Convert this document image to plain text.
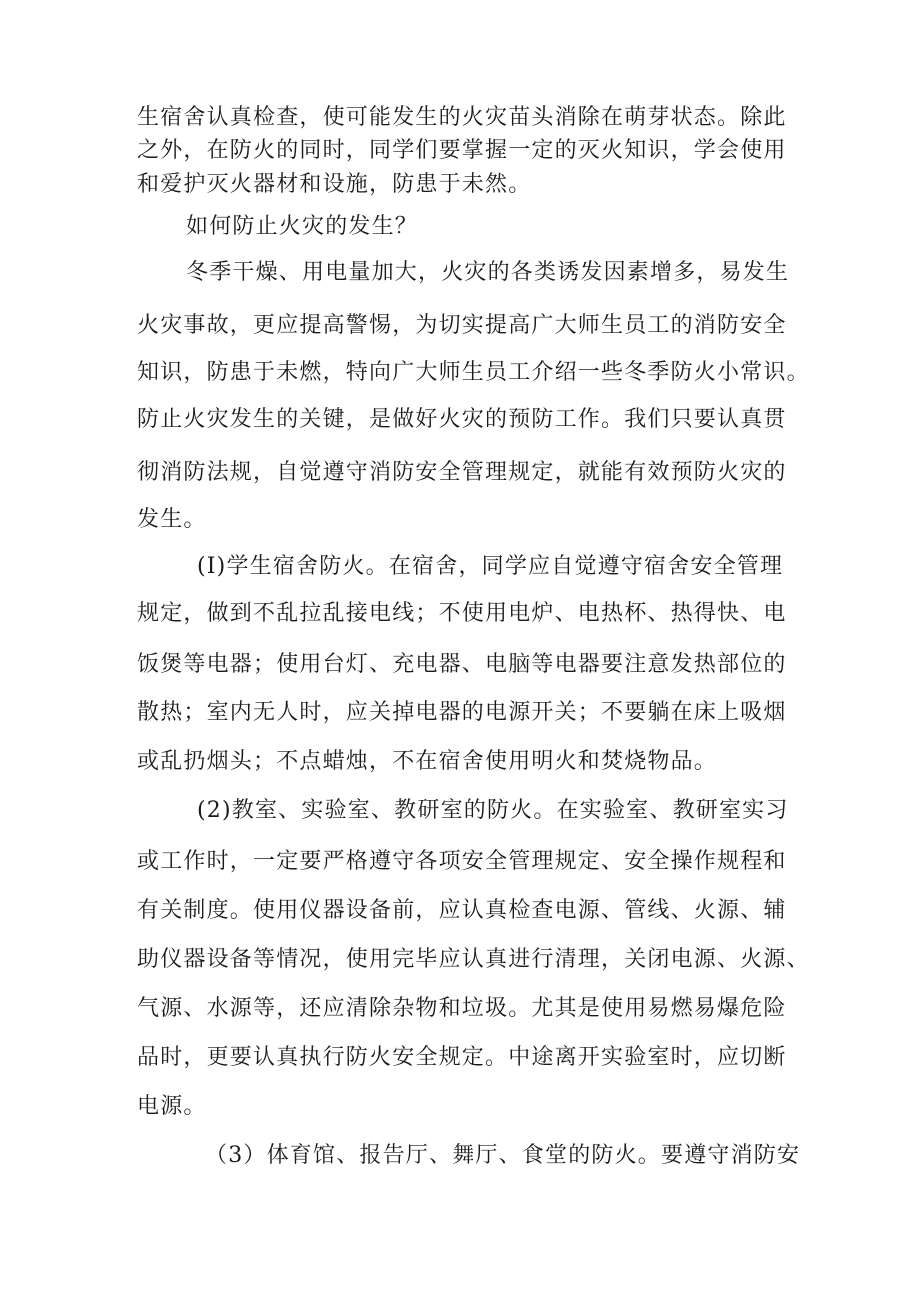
生宿舍认真检查，使可能发生的火灾苗头消除在萌芽状态。除此
之外，在防火的同时，同学们要掌握一定的灭火知识，学会使用
和爱护灭火器材和设施，防患于未然。
如何防止火灾的发生？
冬季干燥、用电量加大，火灾的各类诱发因素增多，易发生
火灾事故，更应提高警惕，为切实提高广大师生员工的消防安全
知识，防患于未燃，特向广大师生员工介绍一些冬季防火小常识。
防止火灾发生的关键，是做好火灾的预防工作。我们只要认真贯
彻消防法规，自觉遵守消防安全管理规定，就能有效预防火灾的
发生。
(I)学生宿舍防火。在宿舍，同学应自觉遵守宿舍安全管理
规定，做到不乱拉乱接电线；不使用电炉、电热杯、热得快、电
饭煲等电器；使用台灯、充电器、电脑等电器要注意发热部位的
散热；室内无人时，应关掉电器的电源开关；不要躺在床上吸烟
或乱扔烟头；不点蜡烛，不在宿舍使用明火和焚烧物品。
(2)教室、实验室、教研室的防火。在实验室、教研室实习
或工作时，一定要严格遵守各项安全管理规定、安全操作规程和
有关制度。使用仪器设备前，应认真检查电源、管线、火源、辅
助仪器设备等情况，使用完毕应认真进行清理，关闭电源、火源、
气源、水源等，还应清除杂物和垃圾。尤其是使用易燃易爆危险
品时，更要认真执行防火安全规定。中途离开实验室时，应切断
电源。
（3）体育馆、报告厅、舞厅、食堂的防火。要遵守消防安
